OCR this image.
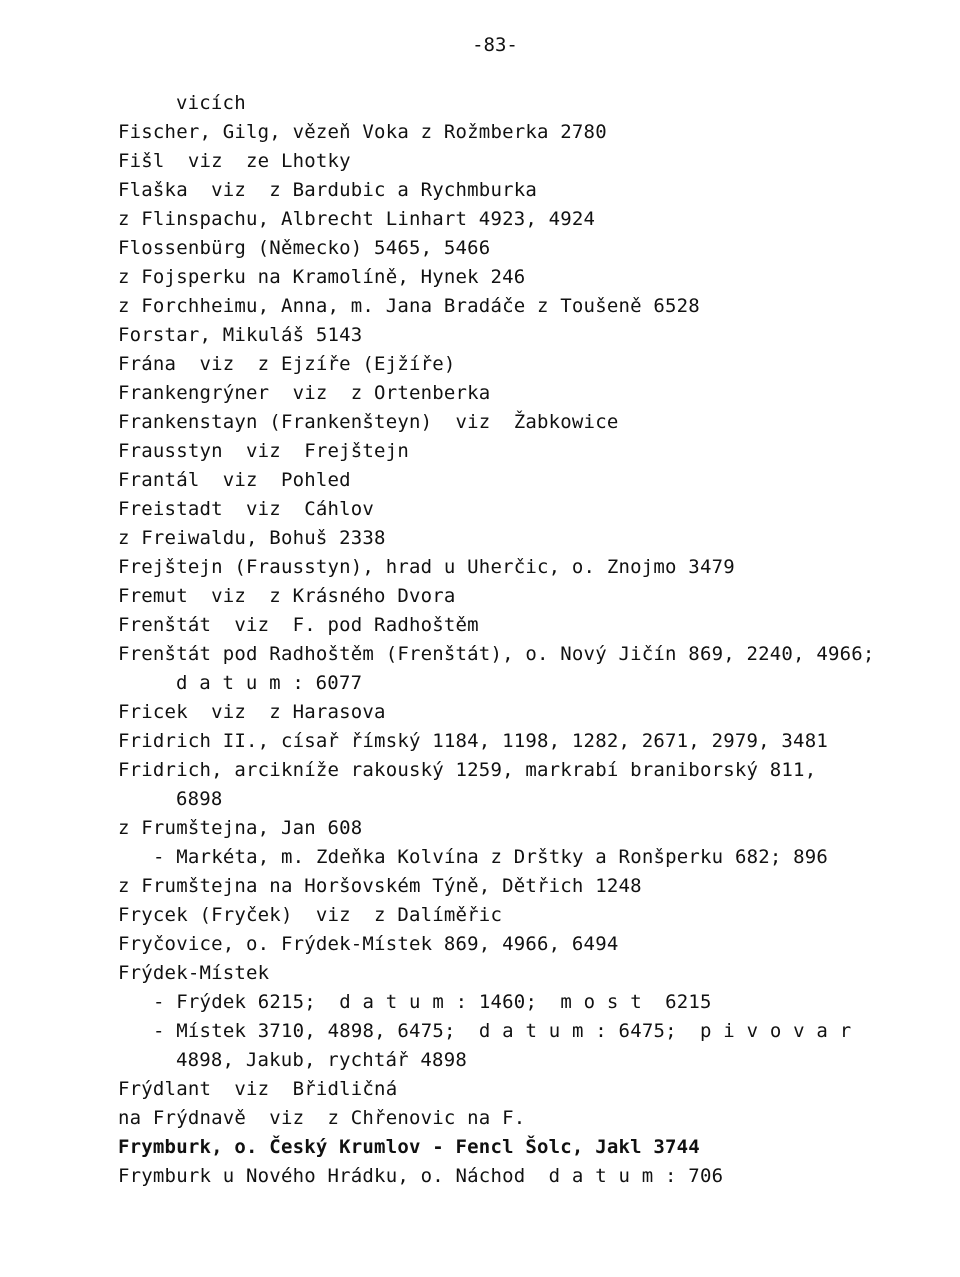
-83-
vicích
Fischer, Gilg, vězeň Voka z Rožmberka 2780
Fišl  viz  ze Lhotky
Flaška  viz  z Bardubic a Rychmburka
z Flinspachu, Albrecht Linhart 4923, 4924
Flossenbürg (Německo) 5465, 5466
z Fojsperku na Kramolíně, Hynek 246
z Forchheimu, Anna, m. Jana Bradáče z Toušeně 6528
Forstar, Mikuláš 5143
Frána  viz  z Ejzíře (Ejžíře)
Frankengrýner  viz  z Ortenberka
Frankenstayn (Frankenšteyn)  viz  Žabkowice
Frausstyn  viz  Frejštejn
Frantál  viz  Pohled
Freistadt  viz  Cáhlov
z Freiwaldu, Bohuš 2338
Frejštejn (Frausstyn), hrad u Uherčic, o. Znojmo 3479
Fremut  viz  z Krásného Dvora
Frenštát  viz  F. pod Radhoštěm
Frenštát pod Radhoštěm (Frenštát), o. Nový Jičín 869, 2240, 4966;
d a t u m : 6077
Fricek  viz  z Harasova
Fridrich II., císař římský 1184, 1198, 1282, 2671, 2979, 3481
Fridrich, arcikníže rakouský 1259, markrabí braniborský 811,
6898
z Frumštejna, Jan 608
- Markéta, m. Zdeňka Kolvína z Drštky a Ronšperku 682; 896
z Frumštejna na Horšovském Týně, Dětřich 1248
Frycek (Fryček)  viz  z Dalíměřic
Fryčovice, o. Frýdek-Místek 869, 4966, 6494
Frýdek-Místek
- Frýdek 6215;  d a t u m : 1460;  m o s t  6215
- Místek 3710, 4898, 6475;  d a t u m : 6475;  p i v o v a r
4898, Jakub, rychtář 4898
Frýdlant  viz  Břidličná
na Frýdnavě  viz  z Chřenovic na F.
Frymburk, o. Český Krumlov - Fencl Šolc, Jakl 3744
Frymburk u Nového Hrádku, o. Náchod  d a t u m : 706
